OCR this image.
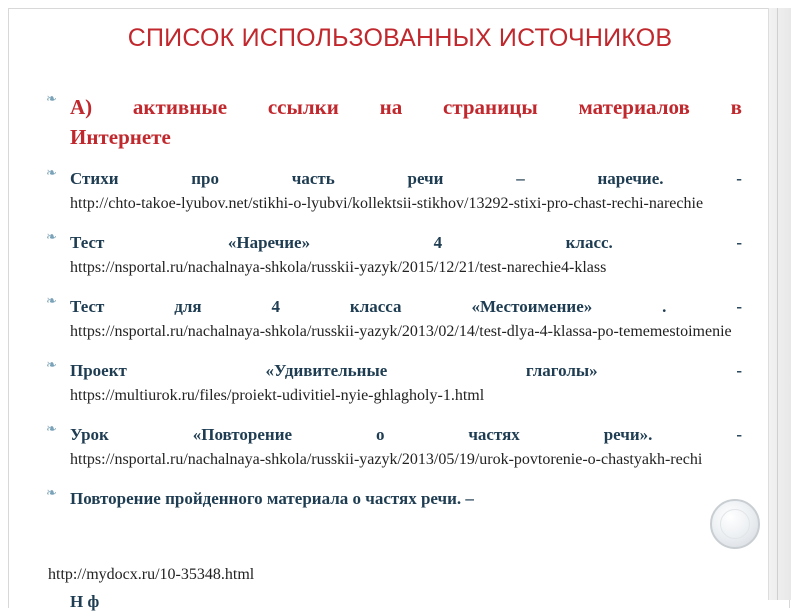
СПИСОК ИСПОЛЬЗОВАННЫХ ИСТОЧНИКОВ
❧ А) активные ссылки на страницы материалов в
Интернете
❧ Стихи	про	часть	речи	–	наречие.	-
http://chto-takoe-lyubov.net/stikhi-o-lyubvi/kollektsii-stikhov/13292-stixi-pro-chast-rechi-narechie
❧ Тест	«Наречие»	4	класс.	-
https://nsportal.ru/nachalnaya-shkola/russkii-yazyk/2015/12/21/test-narechie4-klass
❧ Тест	для	4	класса	«Местоимение»	.	-
https://nsportal.ru/nachalnaya-shkola/russkii-yazyk/2013/02/14/test-dlya-4-klassa-po-tememestoimenie
❧ Проект	«Удивительные	глаголы»	-
https://multiurok.ru/files/proiekt-udivitiel-nyie-ghlagholy-1.html
❧ Урок	«Повторение	о	частях	речи».	-
https://nsportal.ru/nachalnaya-shkola/russkii-yazyk/2013/05/19/urok-povtorenie-o-chastyakh-rechi
❧ Повторение пройденного материала о частях речи. –
http://mydocx.ru/10-35348.html
Н ф
